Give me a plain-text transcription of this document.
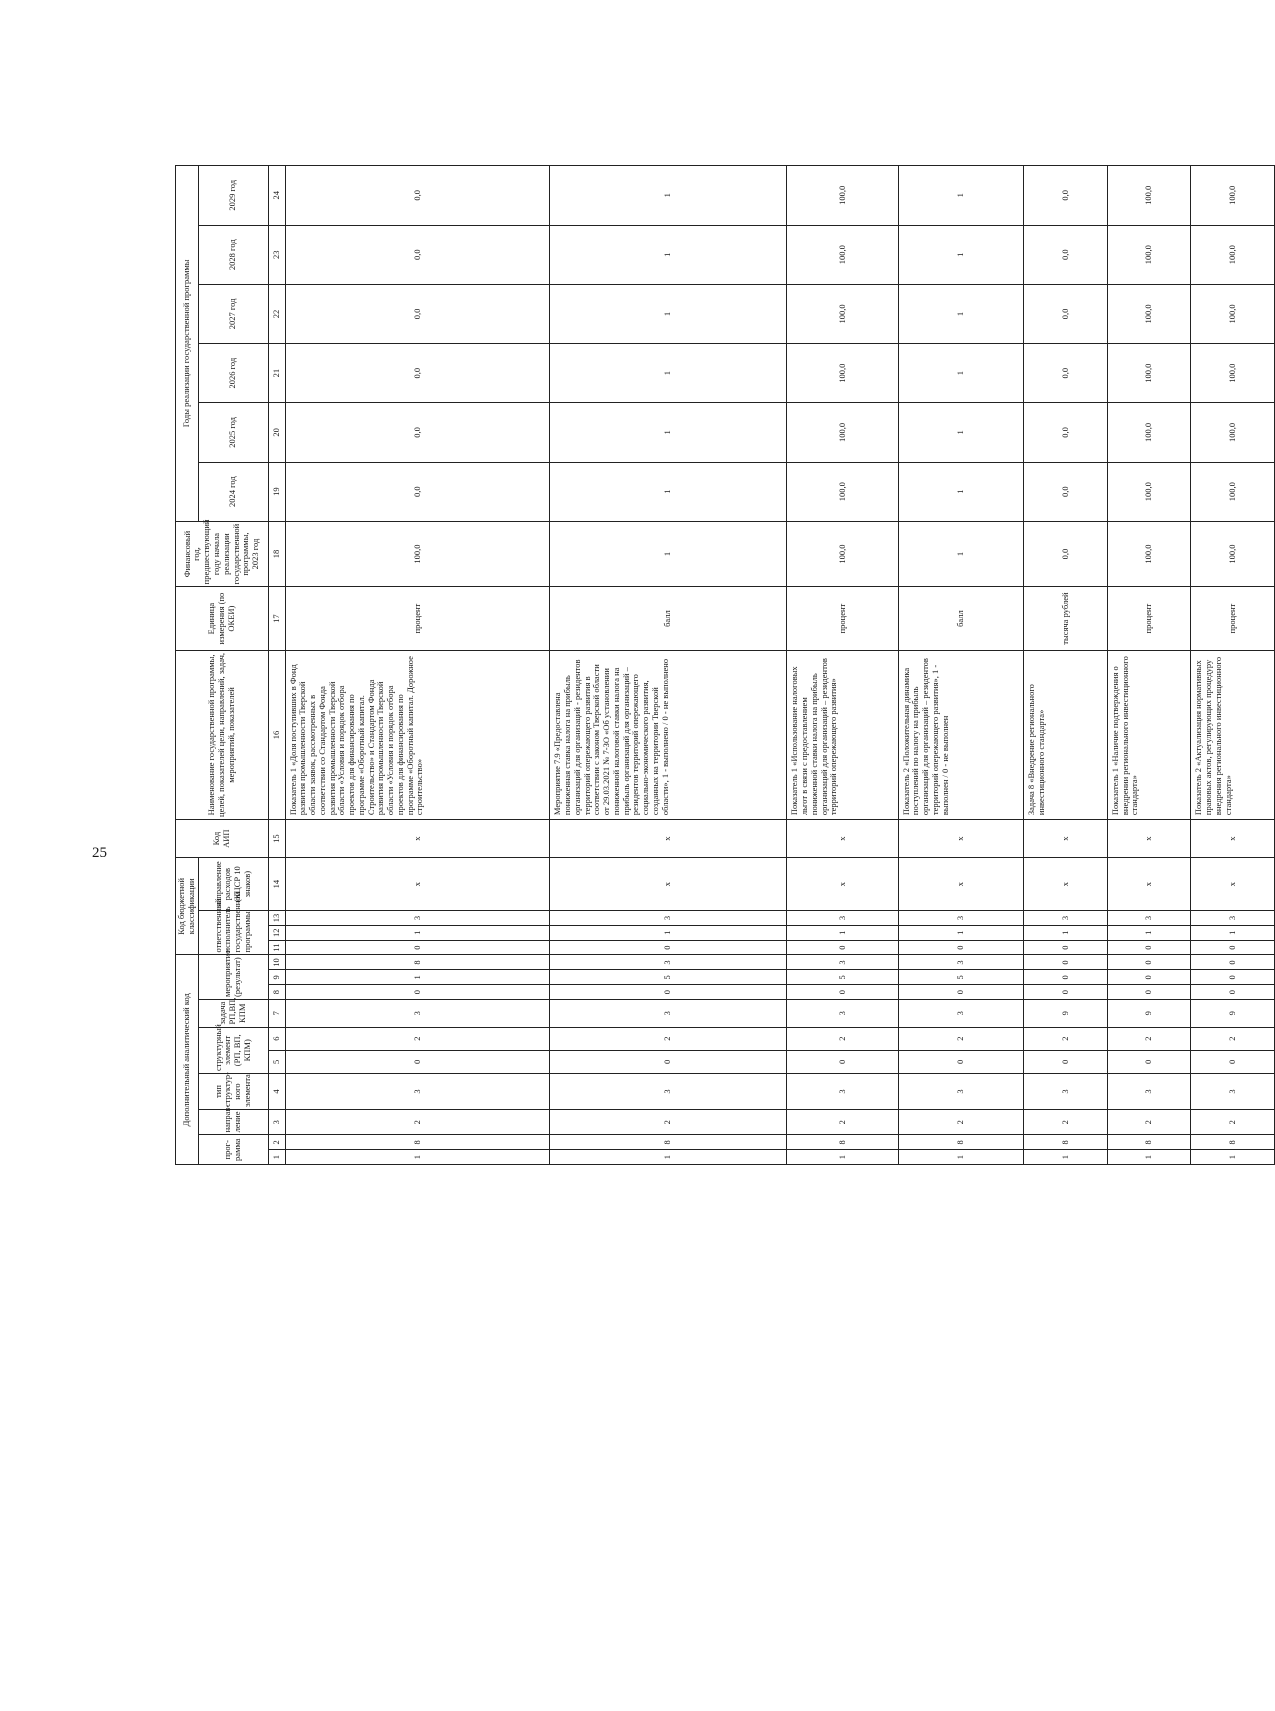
25
Дополнительный аналитический код										Код бюджетной классификации				Код АИП	Наименование государственной программы, целей, показателей цели, направлений, задач, мероприятий, показателей	Единица измерения (по ОКЕИ)	Финансовый год, предшествующий году начала реализации государственной программы, 2023 год	Годы реализации государственной программы					
прог-рамма		направ-ление	тип структур-ного элемента	структурный элемент (РП, ВП, КПМ)		задача РП,ВП, КПМ	мероприятие (результат)			ответственный исполнитель государственной программы			направление расходов (КЦСР 10 знаков)					2024 год	2025 год	2026 год	2027 год	2028 год	2029 год
1	2	3	4	5	6	7	8	9	10	11	12	13	14	15	16	17	18	19	20	21	22	23	24
1	8	2	3	0	2	3	0	1	8	0	1	3	х	х	Показатель 1 «Доля поступивших в Фонд развития промышленности Тверской области заявок, рассмотренных в соответствии со Стандартом Фонда развития промышленности Тверской области «Условия и порядок отбора проектов для финансирования по программе «Оборотный капитал. Строительство» и Стандартом Фонда развития промышленности Тверской области «Условия и порядок отбора проектов для финансирования по программе «Оборотный капитал. Дорожное строительство»	процент	100,0	0,0	0,0	0,0	0,0	0,0	0,0
1	8	2	3	0	2	3	0	5	3	0	1	3	х	х	Мероприятие 7.9 «Предоставлена пониженная ставка налога на прибыль организаций для организаций - резидентов территорий опережающего развития в соответствии с законом Тверской области от 29.03.2021 № 7-ЗО «Об установлении пониженной налоговой ставки налога на прибыль организаций для организаций – резидентов территорий опережающего социально-экономического развития, созданных на территории Тверской области», 1 - выполнено / 0 - не выполнено	балл	1	1	1	1	1	1	1
1	8	2	3	0	2	3	0	5	3	0	1	3	х	х	Показатель 1 «Использование налоговых льгот в связи с предоставлением пониженной ставки налога на прибыль организаций для организаций – резидентов территорий опережающего развития»	процент	100,0	100,0	100,0	100,0	100,0	100,0	100,0
1	8	2	3	0	2	3	0	5	3	0	1	3	х	х	Показатель 2 «Положительная динамика поступлений по налогу на прибыль организаций для организаций – резидентов территорий опережающего развития», 1 - выполнен / 0 - не выполнен	балл	1	1	1	1	1	1	1
1	8	2	3	0	2	9	0	0	0	0	1	3	х	х	Задача 8 «Внедрение регионального инвестиционного стандарта»	тысяча рублей	0,0	0,0	0,0	0,0	0,0	0,0	0,0
1	8	2	3	0	2	9	0	0	0	0	1	3	х	х	Показатель 1 «Наличие подтверждения о внедрении регионального инвестиционного стандарта»	процент	100,0	100,0	100,0	100,0	100,0	100,0	100,0
1	8	2	3	0	2	9	0	0	0	0	1	3	х	х	Показатель 2 «Актуализация нормативных правовых актов, регулирующих процедуру внедрения регионального инвестиционного стандарта»	процент	100,0	100,0	100,0	100,0	100,0	100,0	100,0
